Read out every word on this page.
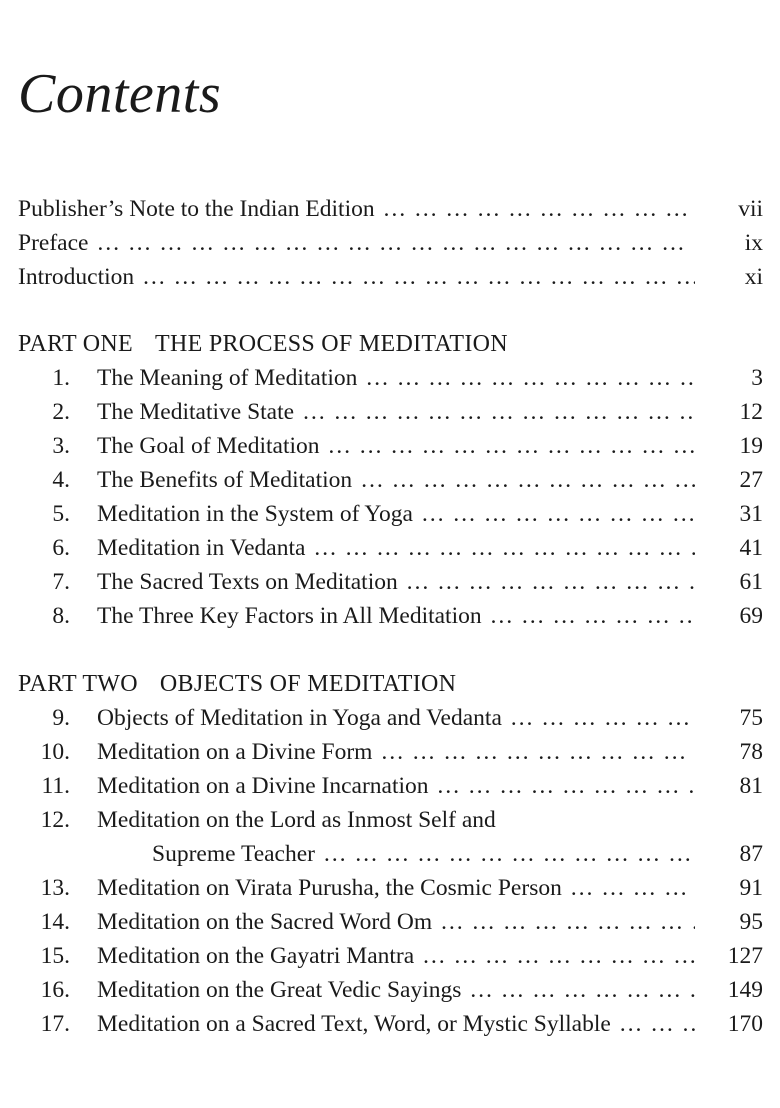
Contents
Publisher’s Note to the Indian Edition … … … … … … … … … … … … … … … … … … … … … … … … … … … … … … … … … …	vii
Preface … … … … … … … … … … … … … … … … … … … … … … … … … … … … … … … … … …	ix
Introduction … … … … … … … … … … … … … … … … … … … … … … … … … … … … … … … … … …	xi
PART ONE THE PROCESS OF MEDITATION
1. The Meaning of Meditation … … … … … … … … … … … … … … … … … … … … … … … … … … … … … … … … … …	3
2. The Meditative State … … … … … … … … … … … … … … … … … … … … … … … … … … … … … … … … … …	12
3. The Goal of Meditation … … … … … … … … … … … … … … … … … … … … … … … … … … … … … … … … … …	19
4. The Benefits of Meditation … … … … … … … … … … … … … … … … … … … … … … … … … … … … … … … … … …	27
5. Meditation in the System of Yoga … … … … … … … … … … … … … … … … … … … … … … … … … … … … … … … … … …	31
6. Meditation in Vedanta … … … … … … … … … … … … … … … … … … … … … … … … … … … … … … … … … …	41
7. The Sacred Texts on Meditation … … … … … … … … … … … … … … … … … … … … … … … … … … … … … … … … … …	61
8. The Three Key Factors in All Meditation … … … … … … … … … … … … … … … … … … … … … … … … … … … … … … … … … …	69
PART TWO OBJECTS OF MEDITATION
9. Objects of Meditation in Yoga and Vedanta … … … … … … … … … … … … … … … … … … … … … … … … … … … … … … … … … …	75
10. Meditation on a Divine Form … … … … … … … … … … … … … … … … … … … … … … … … … … … … … … … … … …	78
11. Meditation on a Divine Incarnation … … … … … … … … … … … … … … … … … … … … … … … … … … … … … … … … … …	81
12. Meditation on the Lord as Inmost Self and
Supreme Teacher … … … … … … … … … … … … … … … … … … … … … … … … … … … … … … … … … …	87
13. Meditation on Virata Purusha, the Cosmic Person … … … … … … … … … … … … … … … … … … … … … … … … … … … … … … … … … …	91
14. Meditation on the Sacred Word Om … … … … … … … … … … … … … … … … … … … … … … … … … … … … … … … … … …	95
15. Meditation on the Gayatri Mantra … … … … … … … … … … … … … … … … … … … … … … … … … … … … … … … … … …	127
16. Meditation on the Great Vedic Sayings … … … … … … … … … … … … … … … … … … … … … … … … … … … … … … … … … …	149
17. Meditation on a Sacred Text, Word, or Mystic Syllable … … … … … … … … … … … … … … … … … … … … … … … … … … … … … … … … … …	170
